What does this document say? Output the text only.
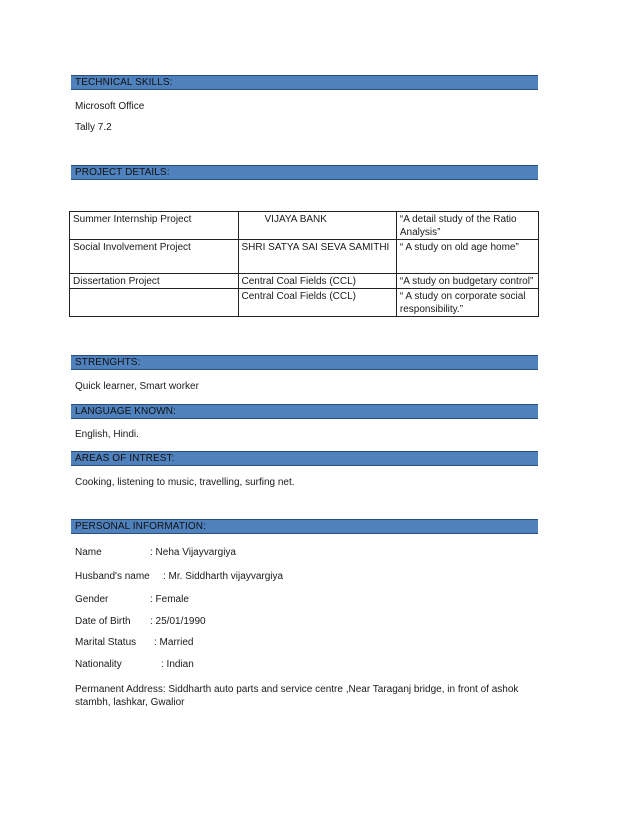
TECHNICAL SKILLS:
Microsoft Office
Tally 7.2
PROJECT DETAILS:
Summer Internship Project	VIJAYA BANK	“A detail study of the Ratio Analysis”
Social Involvement Project	SHRI SATYA SAI SEVA SAMITHI	“ A study on old age home”
Dissertation Project	Central Coal Fields (CCL)	“A study on budgetary control”
	Central Coal Fields (CCL)	“ A study on corporate social responsibility.”
STRENGHTS:
Quick learner, Smart worker
LANGUAGE KNOWN:
English, Hindi.
AREAS OF INTREST:
Cooking, listening to music, travelling, surfing net.
PERSONAL INFORMATION:
Name	: Neha Vijayvargiya
Husband's name : Mr. Siddharth vijayvargiya
Gender	: Female
Date of Birth : 25/01/1990
Marital Status : Married
Nationality	: Indian
Permanent Address: Siddharth auto parts and service centre ,Near Taraganj bridge, in front of ashok
stambh, lashkar, Gwalior
